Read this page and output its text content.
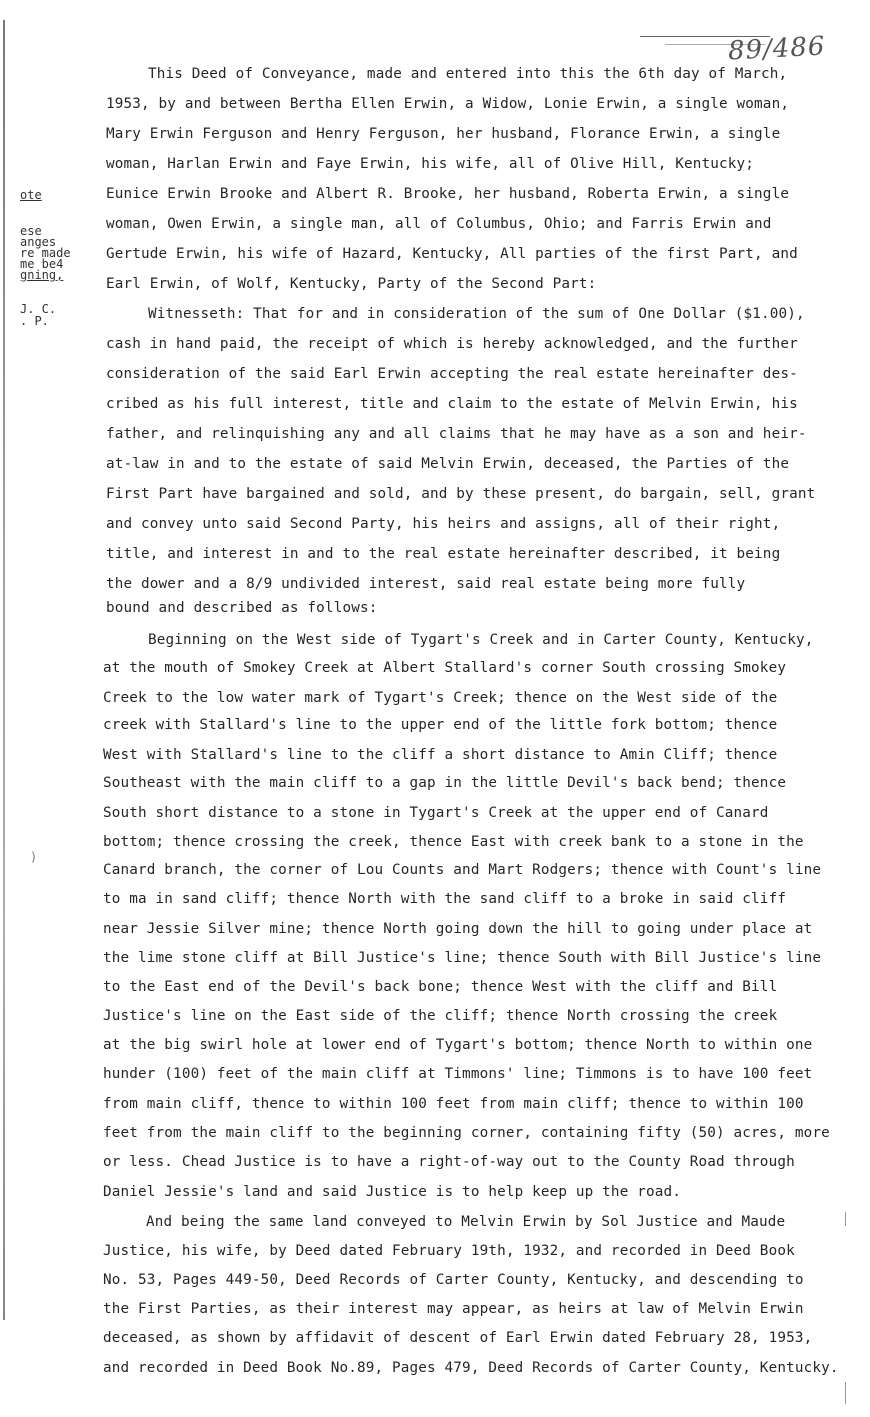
89/486
ote
ese
anges
re made
me be4
gning,
J. C.
. P.
)
This Deed of Conveyance, made and entered into this the 6th day of March,
1953, by and between Bertha Ellen Erwin, a Widow, Lonie Erwin, a single woman,
Mary Erwin Ferguson and Henry Ferguson, her husband, Florance Erwin, a single
woman, Harlan Erwin and Faye Erwin, his wife, all of Olive Hill, Kentucky;
Eunice Erwin Brooke and Albert R. Brooke, her husband, Roberta Erwin, a single
woman, Owen Erwin, a single man, all of Columbus, Ohio; and Farris Erwin and
Gertude Erwin, his wife of Hazard, Kentucky, All parties of the first Part, and
Earl Erwin, of Wolf, Kentucky, Party of the Second Part:
Witnesseth: That for and in consideration of the sum of One Dollar ($1.00),
cash in hand paid, the receipt of which is hereby acknowledged, and the further
consideration of the said Earl Erwin accepting the real estate hereinafter des-
cribed as his full interest, title and claim to the estate of Melvin Erwin, his
father, and relinquishing any and all claims that he may have as a son and heir-
at-law in and to the estate of said Melvin Erwin, deceased, the Parties of the
First Part have bargained and sold, and by these present, do bargain, sell, grant
and convey unto said Second Party, his heirs and assigns, all of their right,
title, and interest in and to the real estate hereinafter described, it being
the dower and a 8/9 undivided interest, said real estate being more fully
bound and described as follows:
Beginning on the West side of Tygart's Creek and in Carter County, Kentucky,
at the mouth of Smokey Creek at Albert Stallard's corner South crossing Smokey
Creek to the low water mark of Tygart's Creek; thence on the West side of the
creek with Stallard's line to the upper end of the little fork bottom; thence
West with Stallard's line to the cliff a short distance to Amin Cliff; thence
Southeast with the main cliff to a gap in the little Devil's back bend; thence
South short distance to a stone in Tygart's Creek at the upper end of Canard
bottom; thence crossing the creek, thence East with creek bank to a stone in the
Canard branch, the corner of Lou Counts and Mart Rodgers; thence with Count's line
to ma in sand cliff; thence North with the sand cliff to a broke in said cliff
near Jessie Silver mine; thence North going down the hill to going under place at
the lime stone cliff at Bill Justice's line; thence South with Bill Justice's line
to the East end of the Devil's back bone; thence West with the cliff and Bill
Justice's line on the East side of the cliff; thence North crossing the creek
at the big swirl hole at lower end of Tygart's bottom; thence North to within one
hunder (100) feet of the main cliff at Timmons' line; Timmons is to have 100 feet
from main cliff, thence to within 100 feet from main cliff; thence to within 100
feet from the main cliff to the beginning corner, containing fifty (50) acres, more
or less. Chead Justice is to have a right-of-way out to the County Road through
Daniel Jessie's land and said Justice is to help keep up the road.
And being the same land conveyed to Melvin Erwin by Sol Justice and Maude
Justice, his wife, by Deed dated February 19th, 1932, and recorded in Deed Book
No. 53, Pages 449-50, Deed Records of Carter County, Kentucky, and descending to
the First Parties, as their interest may appear, as heirs at law of Melvin Erwin
deceased, as shown by affidavit of descent of Earl Erwin dated February 28, 1953,
and recorded in Deed Book No.89, Pages 479, Deed Records of Carter County, Kentucky.
